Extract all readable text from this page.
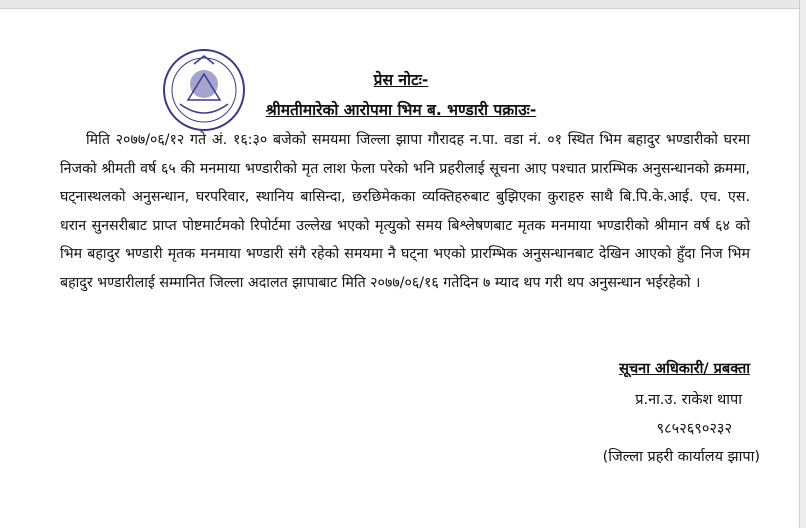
प्रेस नोटः-
श्रीमतीमारेको आरोपमा भिम ब. भण्डारी पक्राउः-
मिति २०७७/०६/१२ गते अं. १६:३० बजेको समयमा जिल्ला झापा गौरादह न.पा. वडा नं. ०१ स्थित भिम बहादुर भण्डारीको घरमा निजको श्रीमती वर्ष ६५ की मनमाया भण्डारीको मृत लाश फेला परेको भनि प्रहरीलाई सूचना आए पश्चात प्रारम्भिक अनुसन्धानको क्रममा, घट्नास्थलको अनुसन्धान, घरपरिवार, स्थानिय बासिन्दा, छरछिमेकका व्यक्तिहरुबाट बुझिएका कुराहरु साथै बि.पि.के.आई. एच. एस. धरान सुनसरीबाट प्राप्त पोष्टमार्टमको रिपोर्टमा उल्लेख भएको मृत्युको समय बिश्लेषणबाट मृतक मनमाया भण्डारीको श्रीमान वर्ष ६४ को भिम बहादुर भण्डारी मृतक मनमाया भण्डारी संगै रहेको समयमा नै घट्ना भएको प्रारम्भिक अनुसन्धानबाट देखिन आएको हुँदा निज भिम बहादुर भण्डारीलाई सम्मानित जिल्ला अदालत झापाबाट मिति २०७७/०६/१६ गतेदिन ७ म्याद थप गरी थप अनुसन्धान भईरहेको ।
सूचना अधिकारी/ प्रबक्ता
प्र.ना.उ. राकेश थापा
९८५२६९०२३२
(जिल्ला प्रहरी कार्यालय झापा)
